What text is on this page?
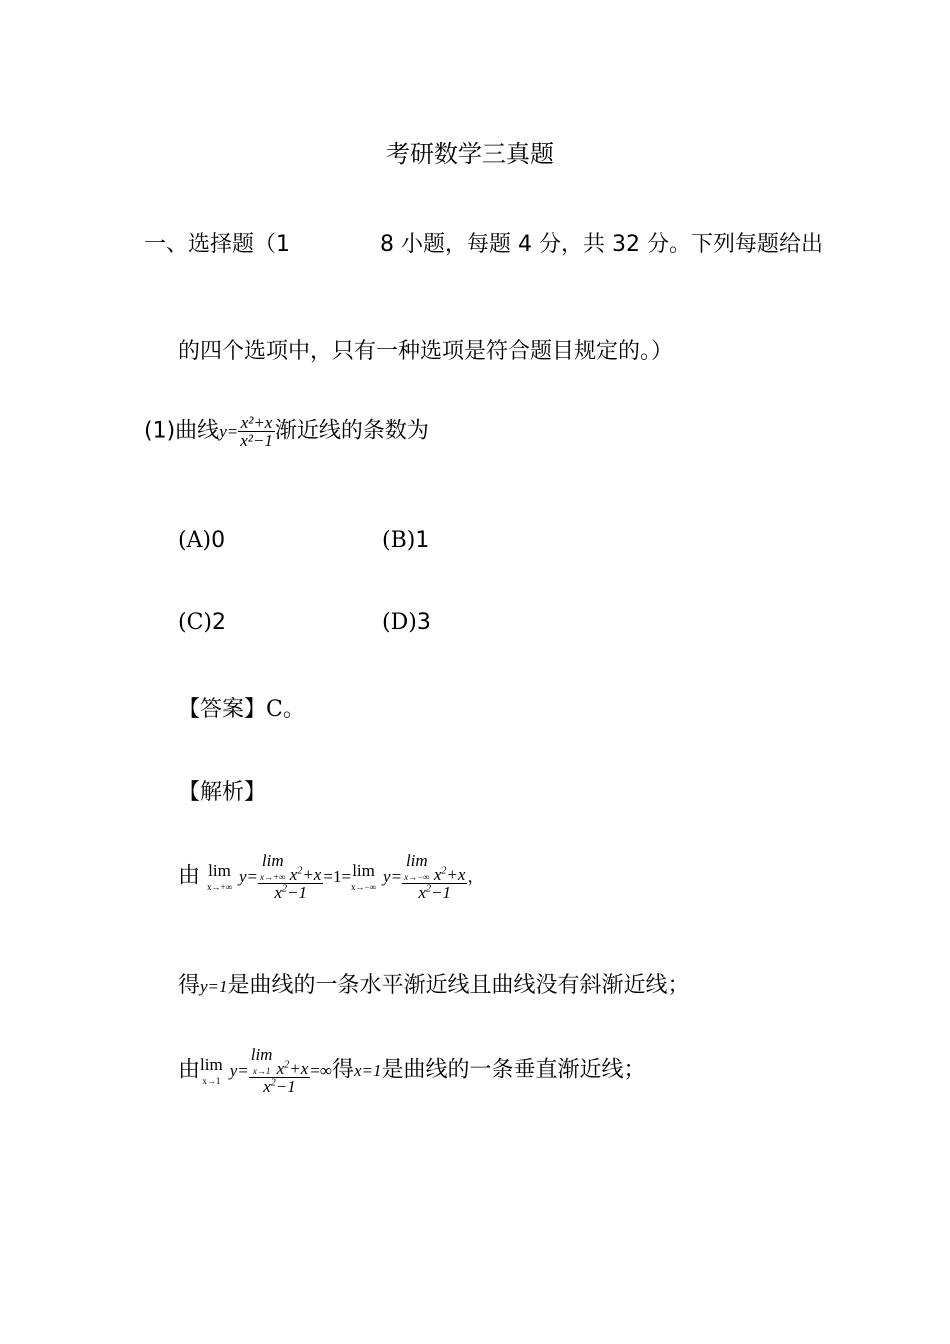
考研数学三真题
一、选择题（1	8 小题，每题 4 分，共 32 分。下列每题给出
的四个选项中，只有一种选项是符合题目规定的。）
(1)曲线$y= \frac{\text{x²+x}}{\text{x²−1}}$ 渐近线的条数为
(A)0	(B)1
(C)2	(D)3
【答案】C。
【解析】
由 lim
x→+∞
y= lim
x→+∞ $x^2+x$
$x^2-1 =1= \lim$
x→−∞
y= lim
x→−∞ $x^2+x$
$x^2-1$ ，
得y=1是曲线的一条水平渐近线且曲线没有斜渐近线；
由 lim
x→1
y= lim
x→1 $x^2+x$
$x^2-1$ =∞得x=1是曲线的一条垂直渐近线；
